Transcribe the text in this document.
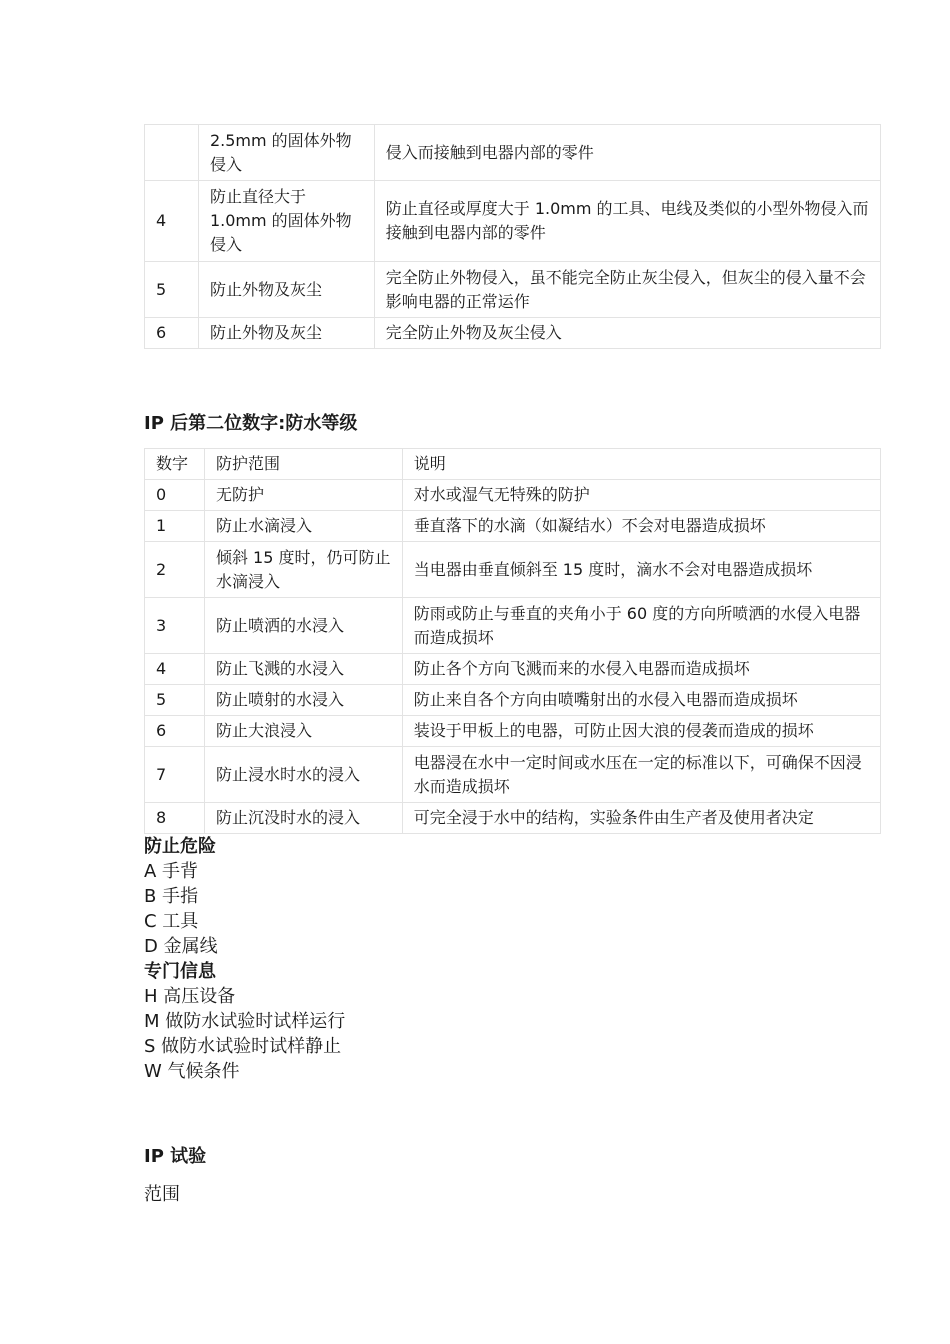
	2.5mm 的固体外物侵入	侵入而接触到电器内部的零件
4	防止直径大于 1.0mm 的固体外物侵入	防止直径或厚度大于 1.0mm 的工具、电线及类似的小型外物侵入而接触到电器内部的零件
5	防止外物及灰尘	完全防止外物侵入，虽不能完全防止灰尘侵入，但灰尘的侵入量不会影响电器的正常运作
6	防止外物及灰尘	完全防止外物及灰尘侵入
IP 后第二位数字:防水等级
数字	防护范围	说明
0	无防护	对水或湿气无特殊的防护
1	防止水滴浸入	垂直落下的水滴（如凝结水）不会对电器造成损坏
2	倾斜 15 度时，仍可防止水滴浸入	当电器由垂直倾斜至 15 度时，滴水不会对电器造成损坏
3	防止喷洒的水浸入	防雨或防止与垂直的夹角小于 60 度的方向所喷洒的水侵入电器而造成损坏
4	防止飞溅的水浸入	防止各个方向飞溅而来的水侵入电器而造成损坏
5	防止喷射的水浸入	防止来自各个方向由喷嘴射出的水侵入电器而造成损坏
6	防止大浪浸入	装设于甲板上的电器，可防止因大浪的侵袭而造成的损坏
7	防止浸水时水的浸入	电器浸在水中一定时间或水压在一定的标准以下，可确保不因浸水而造成损坏
8	防止沉没时水的浸入	可完全浸于水中的结构，实验条件由生产者及使用者决定
防止危险
A 手背
B 手指
C 工具
D 金属线
专门信息
H 高压设备
M 做防水试验时试样运行
S 做防水试验时试样静止
W 气候条件
IP 试验
范围
